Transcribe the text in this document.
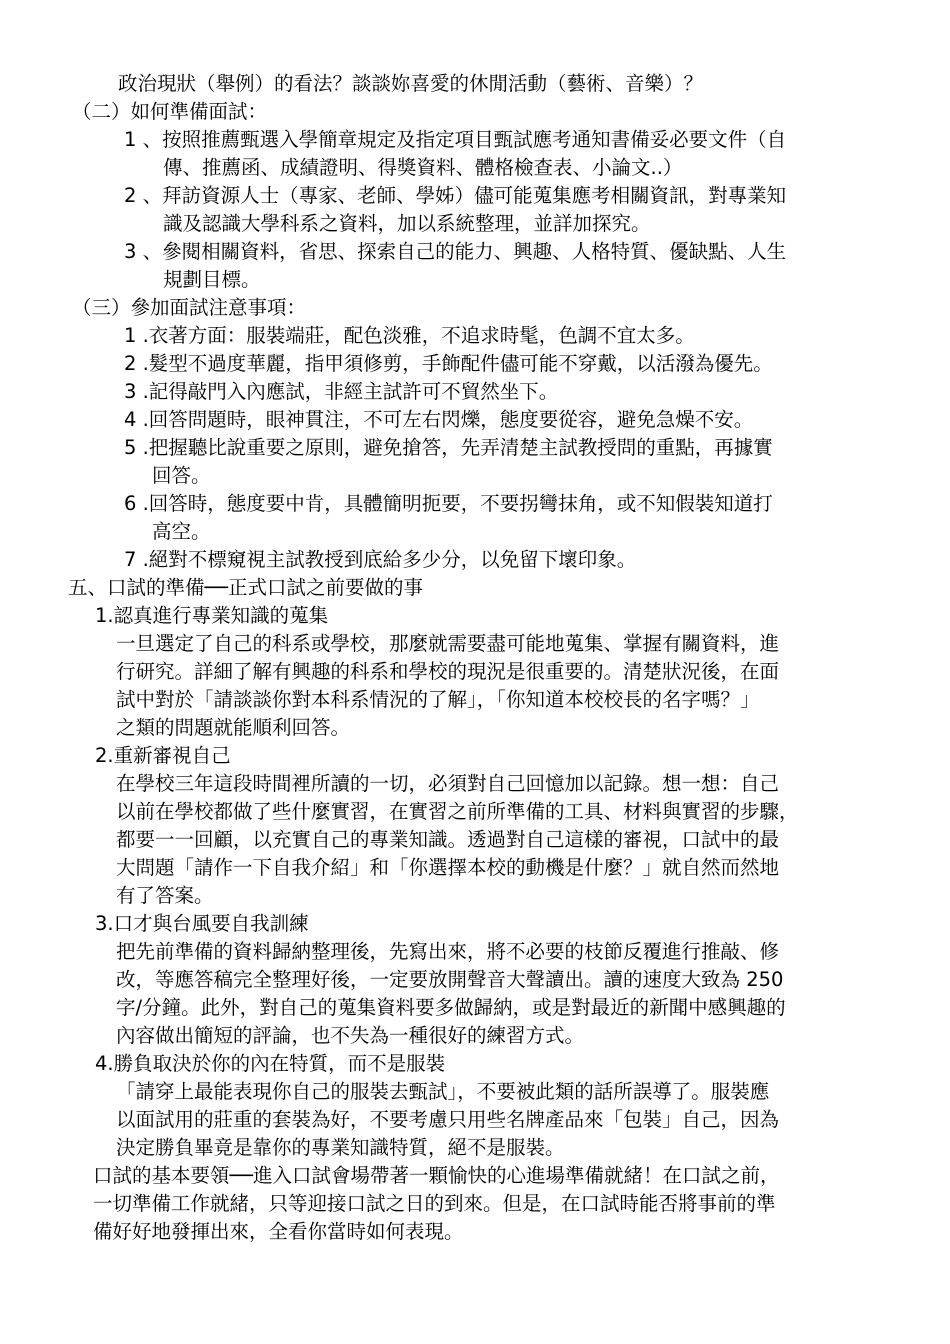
政治現狀（舉例）的看法？談談妳喜愛的休閒活動（藝術、音樂）？
（二）如何準備面試：
1 、按照推薦甄選入學簡章規定及指定項目甄試應考通知書備妥必要文件（自
傳、推薦函、成績證明、得獎資料、體格檢查表、小論文..）
2 、拜訪資源人士（專家、老師、學姊）儘可能蒐集應考相關資訊，對專業知
識及認識大學科系之資料，加以系統整理，並詳加探究。
3 、參閱相關資料，省思、探索自己的能力、興趣、人格特質、優缺點、人生
規劃目標。
（三）參加面試注意事項：
1 .衣著方面：服裝端莊，配色淡雅，不追求時髦，色調不宜太多。
2 .髮型不過度華麗，指甲須修剪，手飾配件儘可能不穿戴，以活潑為優先。
3 .記得敲門入內應試，非經主試許可不貿然坐下。
4 .回答問題時，眼神貫注，不可左右閃爍，態度要從容，避免急燥不安。
5 .把握聽比說重要之原則，避免搶答，先弄清楚主試教授問的重點，再據實
回答。
6 .回答時，態度要中肯，具體簡明扼要，不要拐彎抹角，或不知假裝知道打
高空。
7 .絕對不標窺視主試教授到底給多少分，以免留下壞印象。
五、口試的準備──正式口試之前要做的事
1.認真進行專業知識的蒐集
一旦選定了自己的科系或學校，那麼就需要盡可能地蒐集、掌握有關資料，進
行研究。詳細了解有興趣的科系和學校的現況是很重要的。清楚狀況後，在面
試中對於「請談談你對本科系情況的了解」，「你知道本校校長的名字嗎？」
之類的問題就能順利回答。
2.重新審視自己
在學校三年這段時間裡所讀的一切，必須對自己回憶加以記錄。想一想：自己
以前在學校都做了些什麼實習，在實習之前所準備的工具、材料與實習的步驟，
都要一一回顧，以充實自己的專業知識。透過對自己這樣的審視，口試中的最
大問題「請作一下自我介紹」和「你選擇本校的動機是什麼？」就自然而然地
有了答案。
3.口才與台風要自我訓練
把先前準備的資料歸納整理後，先寫出來，將不必要的枝節反覆進行推敲、修
改，等應答稿完全整理好後，一定要放開聲音大聲讀出。讀的速度大致為 250
字/分鐘。此外，對自己的蒐集資料要多做歸納，或是對最近的新聞中感興趣的
內容做出簡短的評論，也不失為一種很好的練習方式。
4.勝負取決於你的內在特質，而不是服裝
「請穿上最能表現你自己的服裝去甄試」，不要被此類的話所誤導了。服裝應
以面試用的莊重的套裝為好，不要考慮只用些名牌產品來「包裝」自己，因為
決定勝負畢竟是靠你的專業知識特質，絕不是服裝。
口試的基本要領──進入口試會場帶著一顆愉快的心進場準備就緒！在口試之前，
一切準備工作就緒，只等迎接口試之日的到來。但是，在口試時能否將事前的準
備好好地發揮出來，全看你當時如何表現。
